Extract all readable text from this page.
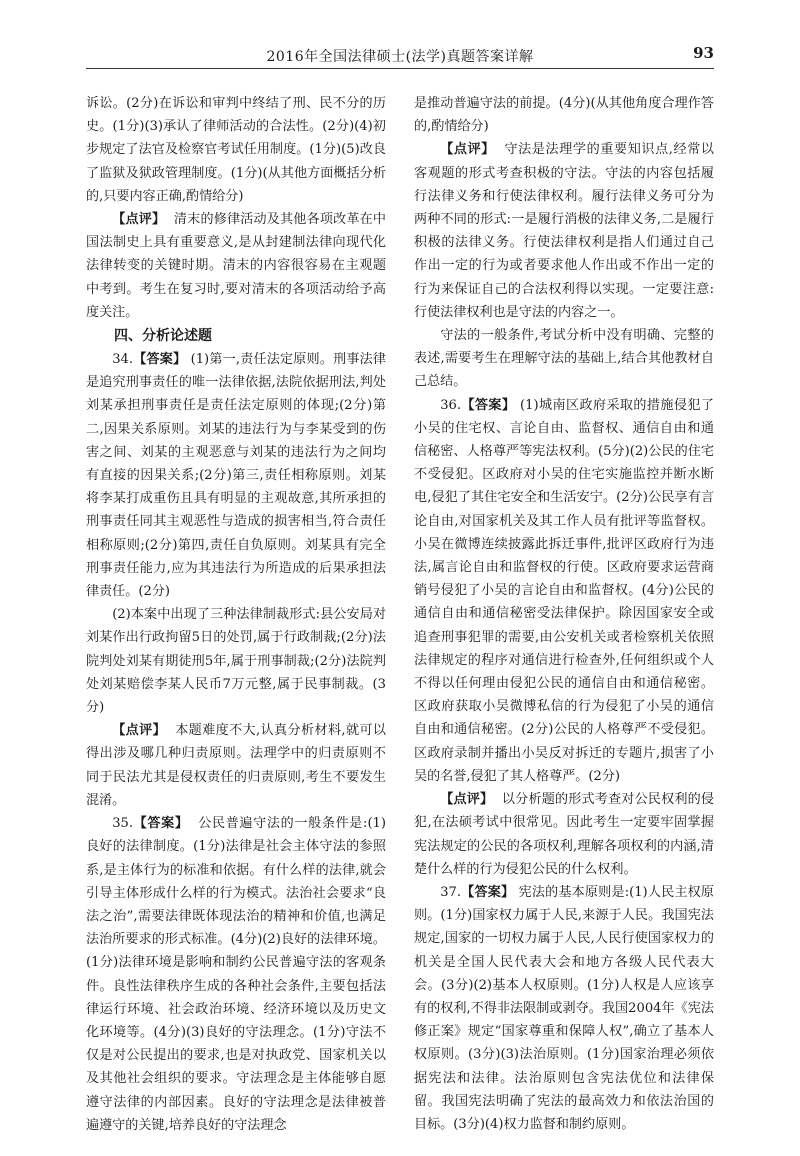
2016年全国法律硕士(法学)真题答案详解	93

诉讼。(2分)在诉讼和审判中终结了刑、民不分的历史。(1分)(3)承认了律师活动的合法性。(2分)(4)初步规定了法官及检察官考试任用制度。(1分)(5)改良了监狱及狱政管理制度。(1分)(从其他方面概括分析的,只要内容正确,酌情给分)

【点评】 清末的修律活动及其他各项改革在中国法制史上具有重要意义,是从封建制法律向现代化法律转变的关键时期。清末的内容很容易在主观题中考到。考生在复习时,要对清末的各项活动给予高度关注。

四、分析论述题

34.【答案】 (1)第一,责任法定原则。刑事法律是追究刑事责任的唯一法律依据,法院依据刑法,判处刘某承担刑事责任是责任法定原则的体现;(2分)第二,因果关系原则。刘某的违法行为与李某受到的伤害之间、刘某的主观恶意与刘某的违法行为之间均有直接的因果关系;(2分)第三,责任相称原则。刘某将李某打成重伤且具有明显的主观故意,其所承担的刑事责任同其主观恶性与造成的损害相当,符合责任相称原则;(2分)第四,责任自负原则。刘某具有完全刑事责任能力,应为其违法行为所造成的后果承担法律责任。(2分)

(2)本案中出现了三种法律制裁形式:县公安局对刘某作出行政拘留5日的处罚,属于行政制裁;(2分)法院判处刘某有期徒刑5年,属于刑事制裁;(2分)法院判处刘某赔偿李某人民币7万元整,属于民事制裁。(3分)

【点评】 本题难度不大,认真分析材料,就可以得出涉及哪几种归责原则。法理学中的归责原则不同于民法尤其是侵权责任的归责原则,考生不要发生混淆。

35.【答案】 公民普遍守法的一般条件是:(1)良好的法律制度。(1分)法律是社会主体守法的参照系,是主体行为的标准和依据。有什么样的法律,就会引导主体形成什么样的行为模式。法治社会要求“良法之治”,需要法律既体现法治的精神和价值,也满足法治所要求的形式标准。(4分)(2)良好的法律环境。(1分)法律环境是影响和制约公民普遍守法的客观条件。良性法律秩序生成的各种社会条件,主要包括法律运行环境、社会政治环境、经济环境以及历史文化环境等。(4分)(3)良好的守法理念。(1分)守法不仅是对公民提出的要求,也是对执政党、国家机关以及其他社会组织的要求。守法理念是主体能够自愿遵守法律的内部因素。良好的守法理念是法律被普遍遵守的关键,培养良好的守法理念

是推动普遍守法的前提。(4分)(从其他角度合理作答的,酌情给分)

【点评】 守法是法理学的重要知识点,经常以客观题的形式考查积极的守法。守法的内容包括履行法律义务和行使法律权利。履行法律义务可分为两种不同的形式:一是履行消极的法律义务,二是履行积极的法律义务。行使法律权利是指人们通过自己作出一定的行为或者要求他人作出或不作出一定的行为来保证自己的合法权利得以实现。一定要注意:行使法律权利也是守法的内容之一。

守法的一般条件,考试分析中没有明确、完整的表述,需要考生在理解守法的基础上,结合其他教材自己总结。

36.【答案】 (1)城南区政府采取的措施侵犯了小吴的住宅权、言论自由、监督权、通信自由和通信秘密、人格尊严等宪法权利。(5分)(2)公民的住宅不受侵犯。区政府对小吴的住宅实施监控并断水断电,侵犯了其住宅安全和生活安宁。(2分)公民享有言论自由,对国家机关及其工作人员有批评等监督权。小吴在微博连续披露此拆迁事件,批评区政府行为违法,属言论自由和监督权的行使。区政府要求运营商销号侵犯了小吴的言论自由和监督权。(4分)公民的通信自由和通信秘密受法律保护。除因国家安全或追查刑事犯罪的需要,由公安机关或者检察机关依照法律规定的程序对通信进行检查外,任何组织或个人不得以任何理由侵犯公民的通信自由和通信秘密。区政府获取小吴微博私信的行为侵犯了小吴的通信自由和通信秘密。(2分)公民的人格尊严不受侵犯。区政府录制并播出小吴反对拆迁的专题片,损害了小吴的名誉,侵犯了其人格尊严。(2分)

【点评】 以分析题的形式考查对公民权利的侵犯,在法硕考试中很常见。因此考生一定要牢固掌握宪法规定的公民的各项权利,理解各项权利的内涵,清楚什么样的行为侵犯公民的什么权利。

37.【答案】 宪法的基本原则是:(1)人民主权原则。(1分)国家权力属于人民,来源于人民。我国宪法规定,国家的一切权力属于人民,人民行使国家权力的机关是全国人民代表大会和地方各级人民代表大会。(3分)(2)基本人权原则。(1分)人权是人应该享有的权利,不得非法限制或剥夺。我国2004年《宪法修正案》规定“国家尊重和保障人权”,确立了基本人权原则。(3分)(3)法治原则。(1分)国家治理必须依据宪法和法律。法治原则包含宪法优位和法律保留。我国宪法明确了宪法的最高效力和依法治国的目标。(3分)(4)权力监督和制约原则。
